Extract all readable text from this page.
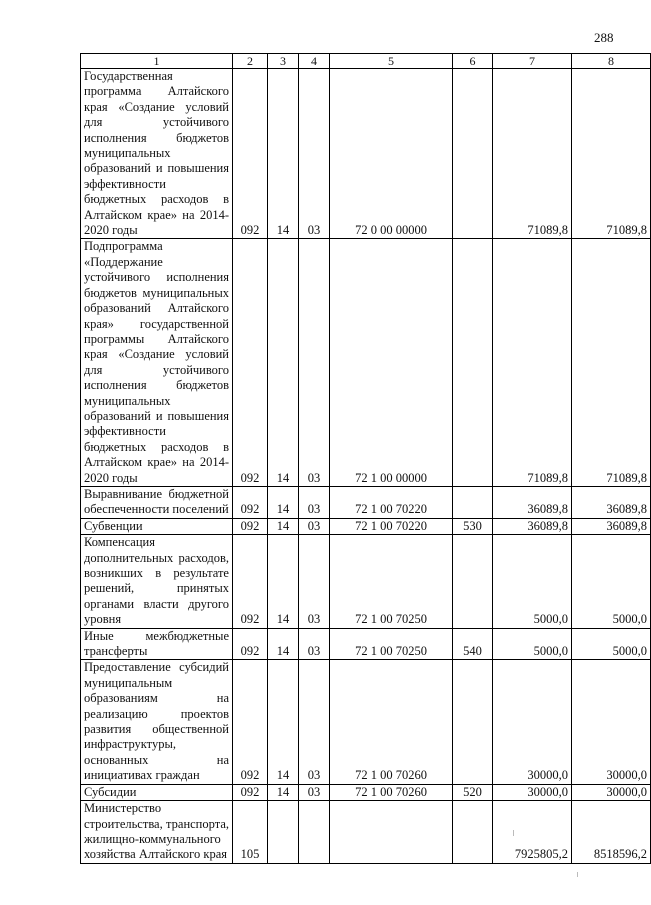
288
1	2	3	4	5	6	7	8
Государственная программа Алтайского края «Создание условий для устойчивого исполнения бюджетов муниципальных образований и повышения эффективности бюджетных расходов в Алтайском крае» на 2014-2020 годы	092	14	03	72 0 00 00000		71089,8	71089,8
Подпрограмма «Поддержание устойчивого исполнения бюджетов муниципальных образований Алтайского края» государственной программы Алтайского края «Создание условий для устойчивого исполнения бюджетов муниципальных образований и повышения эффективности бюджетных расходов в Алтайском крае» на 2014-2020 годы	092	14	03	72 1 00 00000		71089,8	71089,8
Выравнивание бюджетной обеспеченности поселений	092	14	03	72 1 00 70220		36089,8	36089,8
Субвенции	092	14	03	72 1 00 70220	530	36089,8	36089,8
Компенсация дополнительных расходов, возникших в результате решений, принятых органами власти другого уровня	092	14	03	72 1 00 70250		5000,0	5000,0
Иные межбюджетные трансферты	092	14	03	72 1 00 70250	540	5000,0	5000,0
Предоставление субсидий муниципальным образованиям на реализацию проектов развития общественной инфраструктуры, основанных на инициативах граждан	092	14	03	72 1 00 70260		30000,0	30000,0
Субсидии	092	14	03	72 1 00 70260	520	30000,0	30000,0
Министерство строительства, транспорта, жилищно-коммунального хозяйства Алтайского края	105					7925805,2	8518596,2
